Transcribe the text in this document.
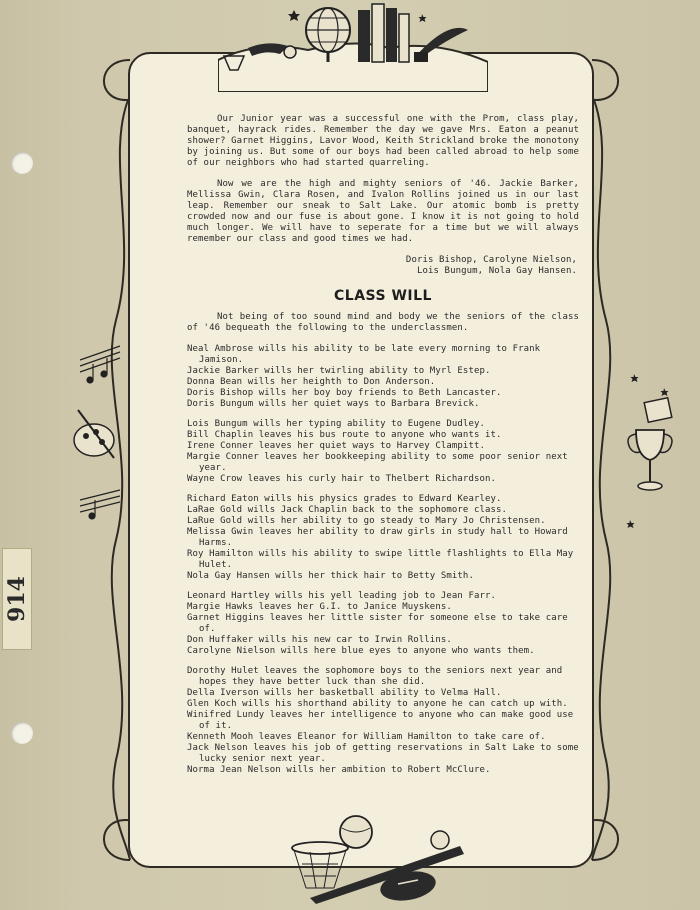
914

Our Junior year was a successful one with the Prom, class play, banquet, hayrack rides. Remember the day we gave Mrs. Eaton a peanut shower? Garnet Higgins, Lavor Wood, Keith Strickland broke the monotony by joining us. But some of our boys had been called abroad to help some of our neighbors who had started quarreling.

Now we are the high and mighty seniors of '46. Jackie Barker, Mellissa Gwin, Clara Rosen, and Ivalon Rollins joined us in our last leap. Remember our sneak to Salt Lake. Our atomic bomb is pretty crowded now and our fuse is about gone. I know it is not going to hold much longer. We will have to seperate for a time but we will always remember our class and good times we had.

Doris Bishop, Carolyne Nielson,
Lois Bungum, Nola Gay Hansen.
CLASS WILL

Not being of too sound mind and body we the seniors of the class of '46 bequeath the following to the underclassmen.

Neal Ambrose wills his ability to be late every morning to Frank Jamison.

Jackie Barker wills her twirling ability to Myrl Estep.

Donna Bean wills her heighth to Don Anderson.

Doris Bishop wills her boy boy friends to Beth Lancaster.

Doris Bungum wills her quiet ways to Barbara Brevick.

Lois Bungum wills her typing ability to Eugene Dudley.

Bill Chaplin leaves his bus route to anyone who wants it.

Irene Conner leaves her quiet ways to Harvey Clampitt.

Margie Conner leaves her bookkeeping ability to some poor senior next year.

Wayne Crow leaves his curly hair to Thelbert Richardson.

Richard Eaton wills his physics grades to Edward Kearley.

LaRae Gold wills Jack Chaplin back to the sophomore class.

LaRue Gold wills her ability to go steady to Mary Jo Christensen.

Melissa Gwin leaves her ability to draw girls in study hall to Howard Harms.

Roy Hamilton wills his ability to swipe little flashlights to Ella May Hulet.

Nola Gay Hansen wills her thick hair to Betty Smith.

Leonard Hartley wills his yell leading job to Jean Farr.

Margie Hawks leaves her G.I. to Janice Muyskens.

Garnet Higgins leaves her little sister for someone else to take care of.

Don Huffaker wills his new car to Irwin Rollins.

Carolyne Nielson wills here blue eyes to anyone who wants them.

Dorothy Hulet leaves the sophomore boys to the seniors next year and hopes they have better luck than she did.

Della Iverson wills her basketball ability to Velma Hall.

Glen Koch wills his shorthand ability to anyone he can catch up with.

Winifred Lundy leaves her intelligence to anyone who can make good use of it.

Kenneth Mooh leaves Eleanor for William Hamilton to take care of.

Jack Nelson leaves his job of getting reservations in Salt Lake to some lucky senior next year.

Norma Jean Nelson wills her ambition to Robert McClure.
